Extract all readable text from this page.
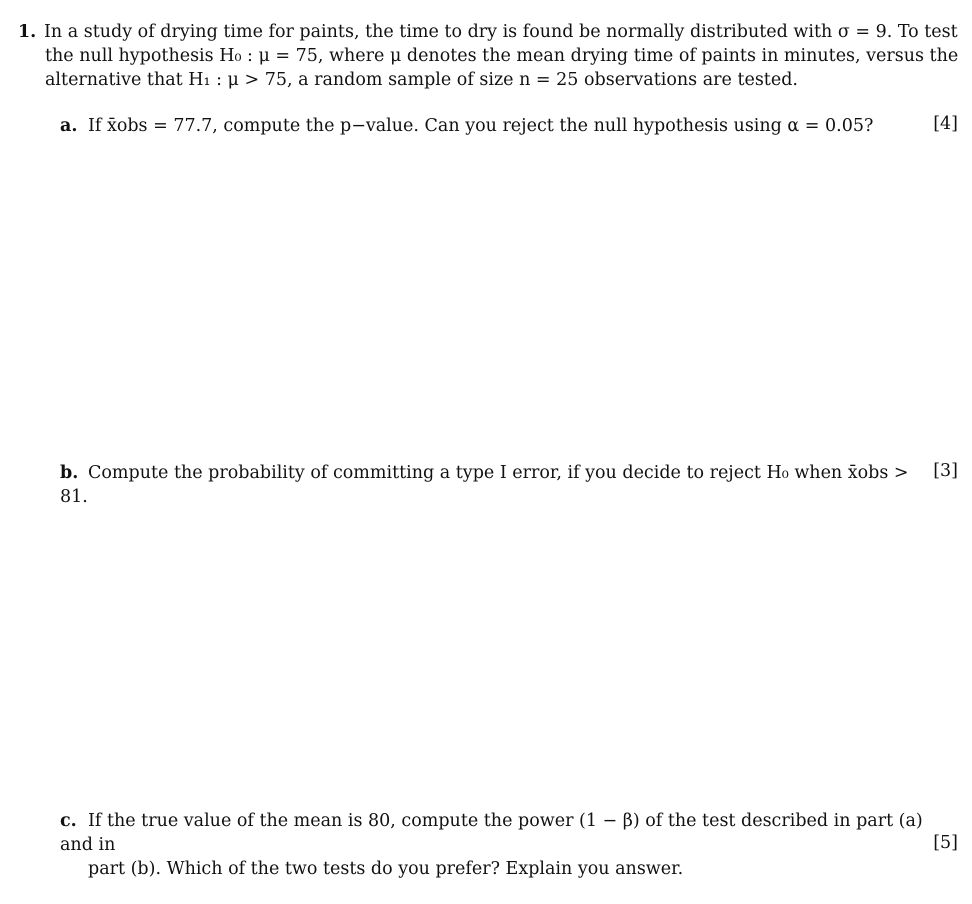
1. In a study of drying time for paints, the time to dry is found be normally distributed with σ = 9. To test
the null hypothesis H₀ : μ = 75, where μ denotes the mean drying time of paints in minutes, versus the
alternative that H₁ : μ > 75, a random sample of size n = 25 observations are tested.
a. If x̄obs = 77.7, compute the p−value. Can you reject the null hypothesis using α = 0.05?	[4]
b. Compute the probability of committing a type I error, if you decide to reject H₀ when x̄obs > 81.
[3]
c. If the true value of the mean is 80, compute the power (1 − β) of the test described in part (a) and in
part (b). Which of the two tests do you prefer? Explain you answer.
[5]
